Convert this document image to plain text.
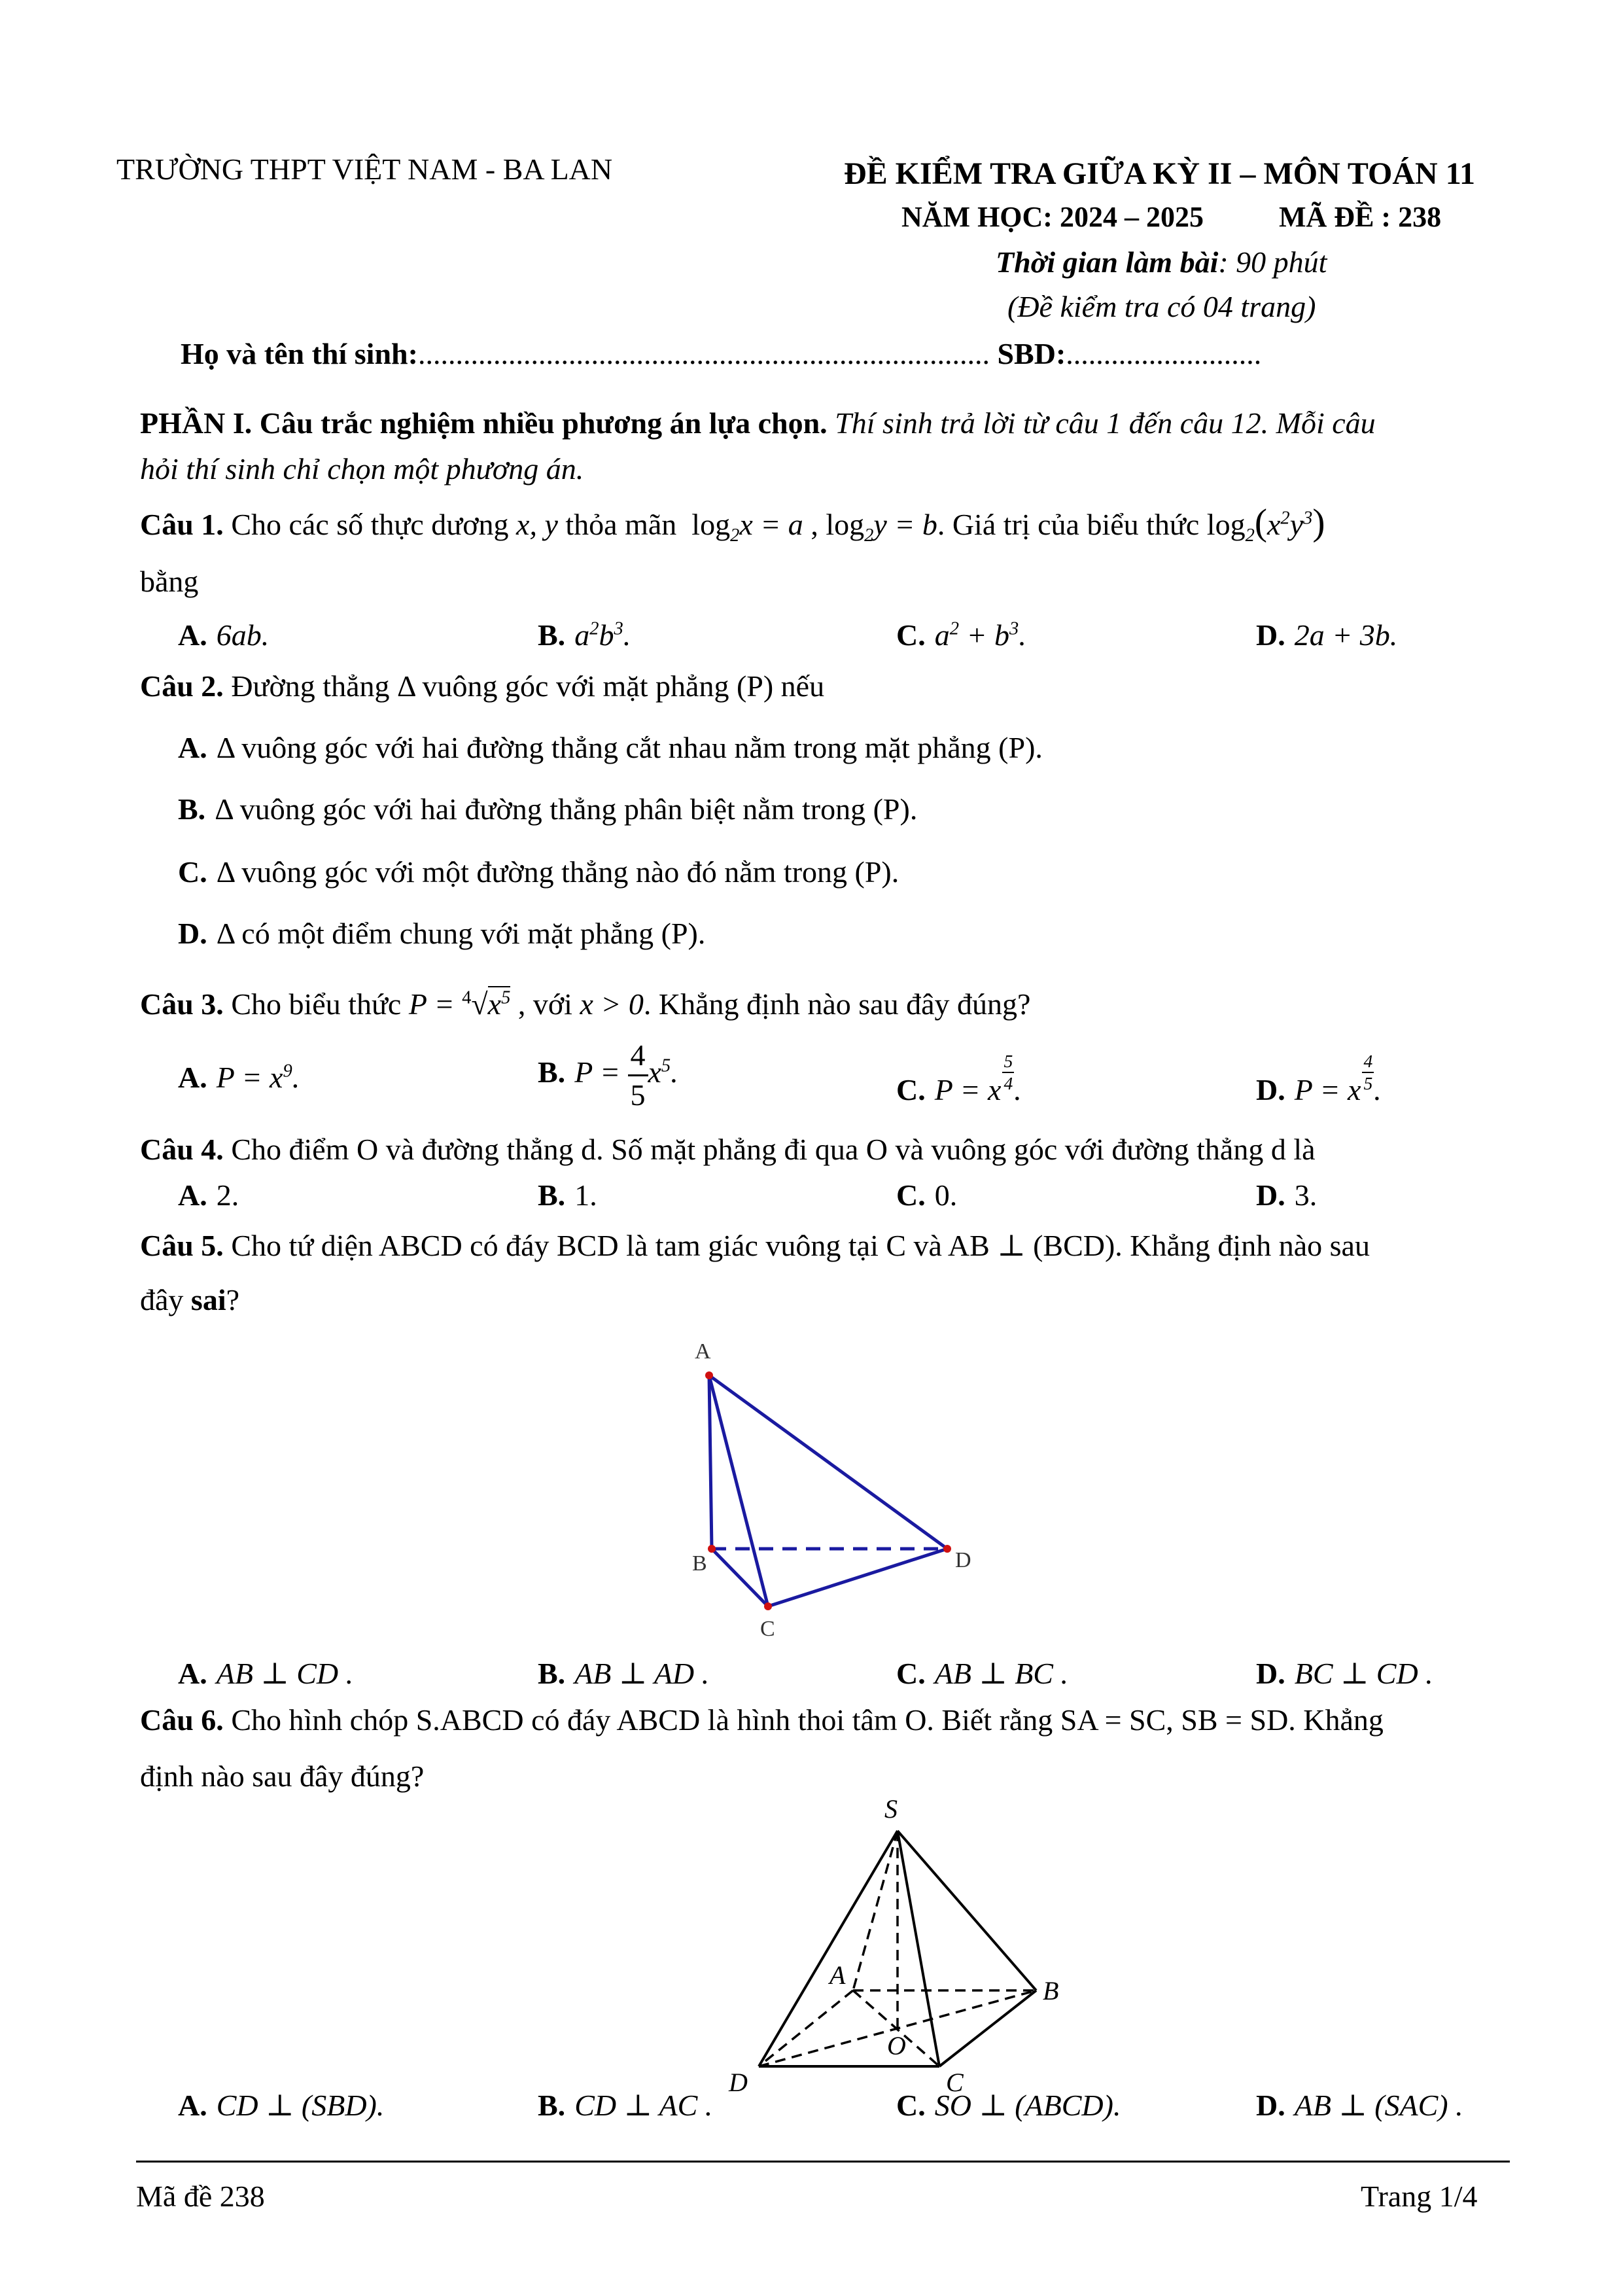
TRƯỜNG THPT VIỆT NAM - BA LAN	ĐỀ KIỂM TRA GIỮA KỲ II – MÔN TOÁN 11
NĂM HỌC: 2024 – 2025	MÃ ĐỀ : 238
Thời gian làm bài: 90 phút
(Đề kiểm tra có 04 trang)
Họ và tên thí sinh:............................................................................ SBD:..........................
PHẦN I. Câu trắc nghiệm nhiều phương án lựa chọn. Thí sinh trả lời từ câu 1 đến câu 12. Mỗi câu
hỏi thí sinh chỉ chọn một phương án.
Câu 1. Cho các số thực dương x, y thỏa mãn $\log_2x = a$ , $\log_2y = b$. Giá trị của biểu thức $\log_2(x^2y^3)$
bằng
A. 6ab.	B. $a^2b^3$.	C. $a^2 + b^3$.	D. 2a + 3b.
Câu 2. Đường thẳng Δ vuông góc với mặt phẳng (P) nếu
A. Δ vuông góc với hai đường thẳng cắt nhau nằm trong mặt phẳng (P).
B. Δ vuông góc với hai đường thẳng phân biệt nằm trong (P).
C. Δ vuông góc với một đường thẳng nào đó nằm trong (P).
D. Δ có một điểm chung với mặt phẳng (P).
Câu 3. Cho biểu thức $P = ^4√x^5$ , với x > 0. Khẳng định nào sau đây đúng?
A. $P = x^9$.	B. $P = \frac{4}{5} x^5$.
C. P = x $\frac{5}{4}$ .	D. P = x $\frac{4}{5}$ .
Câu 4. Cho điểm O và đường thẳng d. Số mặt phẳng đi qua O và vuông góc với đường thẳng d là
A. 2.	B. 1.	C. 0.	D. 3.
Câu 5. Cho tứ diện ABCD có đáy BCD là tam giác vuông tại C và AB ⊥ (BCD). Khẳng định nào sau
đây sai?
A
B
C
D
A. AB ⊥ CD .	B. AB ⊥ AD .	C. AB ⊥ BC .	D. BC ⊥ CD .
Câu 6. Cho hình chóp S.ABCD có đáy ABCD là hình thoi tâm O. Biết rằng SA = SC, SB = SD. Khẳng
định nào sau đây đúng?
S
A
B
C
D
O
A. CD ⊥ (SBD).	B. CD ⊥ AC .	C. SO ⊥ (ABCD).	D. AB ⊥ (SAC) .
Mã đề 238	Trang 1/4
